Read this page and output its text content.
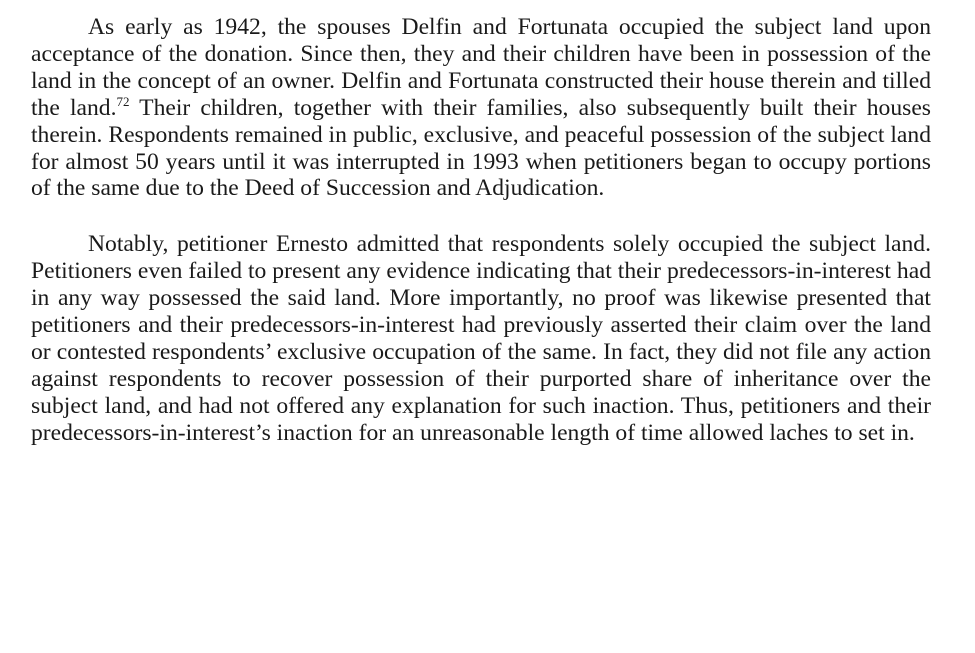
As early as 1942, the spouses Delfin and Fortunata occupied the subject land upon acceptance of the donation. Since then, they and their children have been in possession of the land in the concept of an owner. Delfin and Fortunata constructed their house therein and tilled the land.$^{72}$ Their children, together with their families, also subsequently built their houses therein. Respondents remained in public, exclusive, and peaceful possession of the subject land for almost 50 years until it was interrupted in 1993 when petitioners began to occupy portions of the same due to the Deed of Succession and Adjudication.

Notably, petitioner Ernesto admitted that respondents solely occupied the subject land. Petitioners even failed to present any evidence indicating that their predecessors-in-interest had in any way possessed the said land. More importantly, no proof was likewise presented that petitioners and their predecessors-in-interest had previously asserted their claim over the land or contested respondents’ exclusive occupation of the same. In fact, they did not file any action against respondents to recover possession of their purported share of inheritance over the subject land, and had not offered any explanation for such inaction. Thus, petitioners and their predecessors-in-interest’s inaction for an unreasonable length of time allowed laches to set in.
